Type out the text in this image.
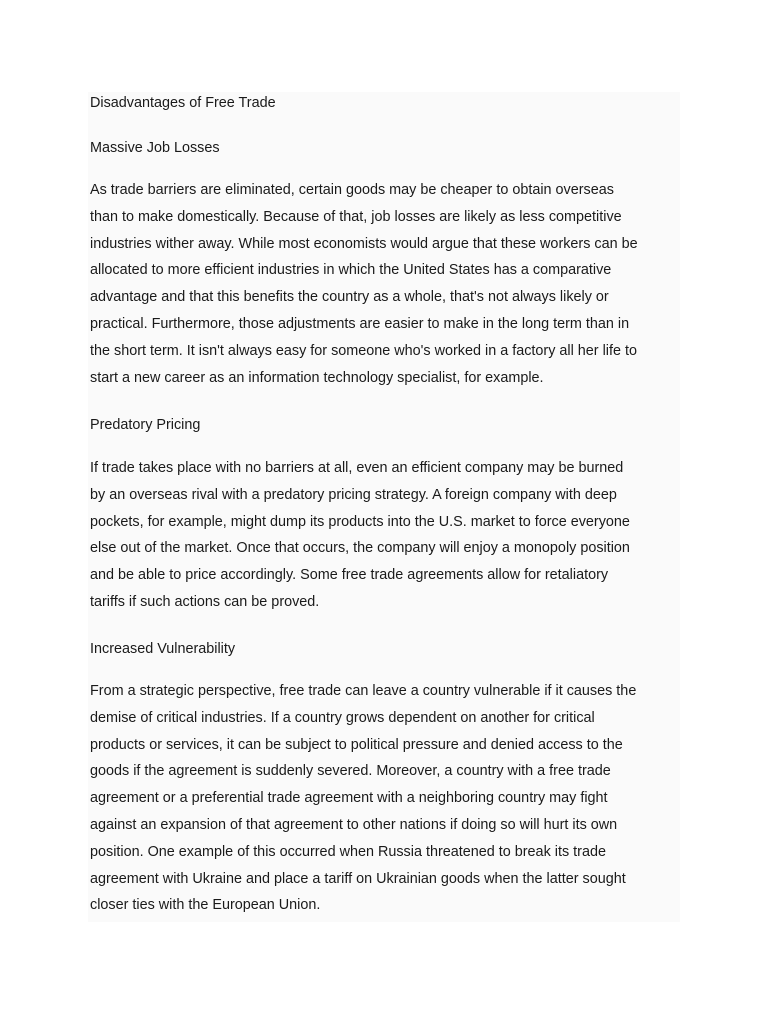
Disadvantages of Free Trade

Massive Job Losses

As trade barriers are eliminated, certain goods may be cheaper to obtain overseas
than to make domestically. Because of that, job losses are likely as less competitive
industries wither away. While most economists would argue that these workers can be
allocated to more efficient industries in which the United States has a comparative
advantage and that this benefits the country as a whole, that's not always likely or
practical. Furthermore, those adjustments are easier to make in the long term than in
the short term. It isn't always easy for someone who's worked in a factory all her life to
start a new career as an information technology specialist, for example.

Predatory Pricing

If trade takes place with no barriers at all, even an efficient company may be burned
by an overseas rival with a predatory pricing strategy. A foreign company with deep
pockets, for example, might dump its products into the U.S. market to force everyone
else out of the market. Once that occurs, the company will enjoy a monopoly position
and be able to price accordingly. Some free trade agreements allow for retaliatory
tariffs if such actions can be proved.

Increased Vulnerability

From a strategic perspective, free trade can leave a country vulnerable if it causes the
demise of critical industries. If a country grows dependent on another for critical
products or services, it can be subject to political pressure and denied access to the
goods if the agreement is suddenly severed. Moreover, a country with a free trade
agreement or a preferential trade agreement with a neighboring country may fight
against an expansion of that agreement to other nations if doing so will hurt its own
position. One example of this occurred when Russia threatened to break its trade
agreement with Ukraine and place a tariff on Ukrainian goods when the latter sought
closer ties with the European Union.
